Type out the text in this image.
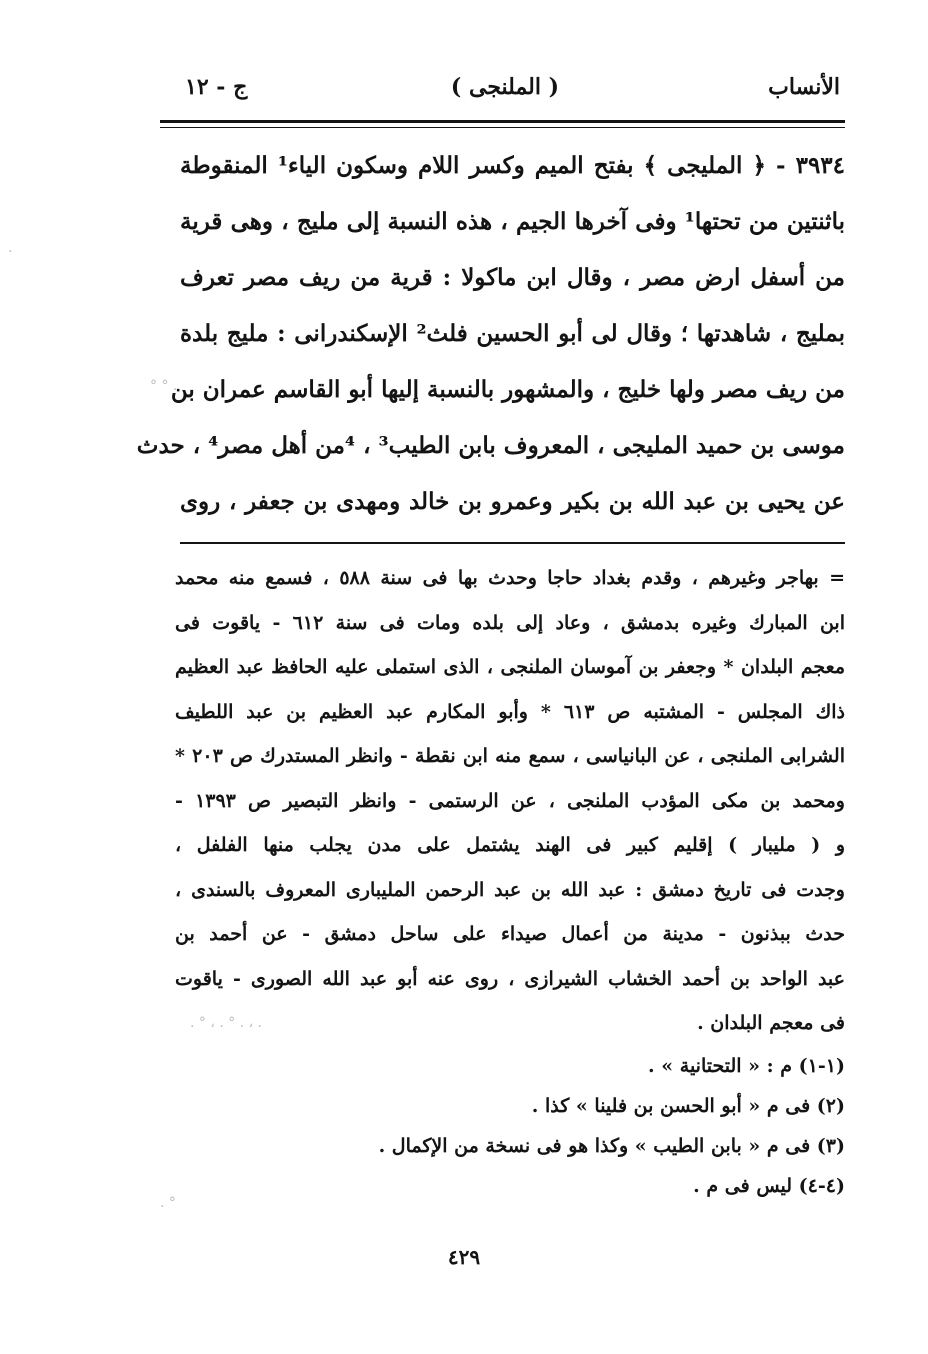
الأنساب
( الملنجى )
ج - ١٢
٣٩٣٤ - ﴿ المليجى ﴾ بفتح الميم وكسر اللام وسكون الياء¹ المنقوطة
باثنتين من تحتها¹ وفى آخرها الجيم ، هذه النسبة إلى مليج ، وهى قرية
من أسفل ارض مصر ، وقال ابن ماكولا : قرية من ريف مصر تعرف
بمليج ، شاهدتها ؛ وقال لى أبو الحسين فلث² الإسكندرانى : مليج بلدة
من ريف مصر ولها خليج ، والمشهور بالنسبة إليها أبو القاسم عمران بن
موسى بن حميد المليجى ، المعروف بابن الطيب³ ، ⁴من أهل مصر⁴ ، حدث
عن يحيى بن عبد الله بن بكير وعمرو بن خالد ومهدى بن جعفر ، روى
= بهاجر وغيرهم ، وقدم بغداد حاجا وحدث بها فى سنة ٥٨٨ ، فسمع منه محمد
ابن المبارك وغيره بدمشق ، وعاد إلى بلده ومات فى سنة ٦١٢ - ياقوت فى
معجم البلدان * وجعفر بن آموسان الملنجى ، الذى استملى عليه الحافظ عبد العظيم
ذاك المجلس - المشتبه ص ٦١٣ * وأبو المكارم عبد العظيم بن عبد اللطيف
الشرابى الملنجى ، عن البانياسى ، سمع منه ابن نقطة - وانظر المستدرك ص ٢٠٣ *
ومحمد بن مكى المؤدب الملنجى ، عن الرستمى - وانظر التبصير ص ١٣٩٣ -
و ( مليبار ) إقليم كبير فى الهند يشتمل على مدن يجلب منها الفلفل ،
وجدت فى تاريخ دمشق : عبد الله بن عبد الرحمن المليبارى المعروف بالسندى ،
حدث ببذنون - مدينة من أعمال صيداء على ساحل دمشق - عن أحمد بن
عبد الواحد بن أحمد الخشاب الشيرازى ، روى عنه أبو عبد الله الصورى - ياقوت
فى معجم البلدان .
(١-١) م : « التحتانية » .
(٢) فى م « أبو الحسن بن فلينا » كذا .
(٣) فى م « بابن الطيب » وكذا هو فى نسخة من الإكمال .
(٤-٤) ليس فى م .
٤٢٩
° ° .
. ° ، . ° . ، .
. °
.
